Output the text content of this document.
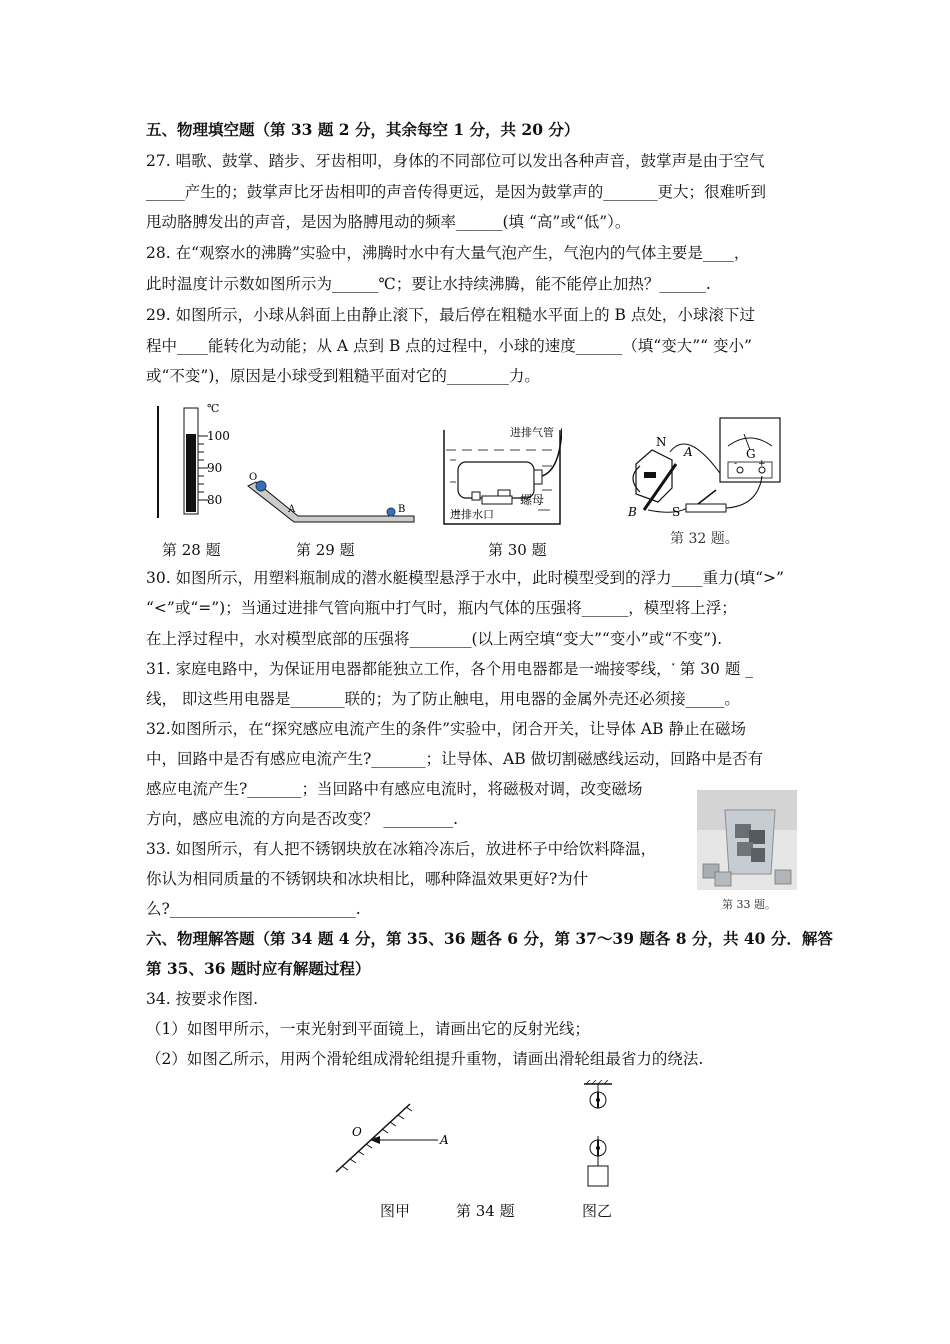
五、物理填空题（第 33 题 2 分，其余每空 1 分，共 20 分）
27. 唱歌、鼓掌、踏步、牙齿相叩，身体的不同部位可以发出各种声音，鼓掌声是由于空气
_____产生的；鼓掌声比牙齿相叩的声音传得更远，是因为鼓掌声的_______更大；很难听到
甩动胳膊发出的声音，是因为胳膊甩动的频率______(填 “高”或“低”）。
28. 在“观察水的沸腾”实验中，沸腾时水中有大量气泡产生，气泡内的气体主要是____，
此时温度计示数如图所示为______℃；要让水持续沸腾，能不能停止加热？______.
29. 如图所示，小球从斜面上由静止滚下，最后停在粗糙水平面上的 B 点处，小球滚下过
程中____能转化为动能；从 A 点到 B 点的过程中，小球的速度______（填“变大”“ 变小”
或“不变”)，原因是小球受到粗糙平面对它的________力。
℃
100
90
80
O
A	B
进排气管
螺母
进排水口
N
A
B	S
G
- +
第 28 题	第 29 题	第 30 题
第 32 题。
30. 如图所示，用塑料瓶制成的潜水艇模型悬浮于水中，此时模型受到的浮力____重力(填“>”
“<”或“=”)；当通过进排气管向瓶中打气时，瓶内气体的压强将______，模型将上浮；
在上浮过程中，水对模型底部的压强将________(以上两空填“变大”“变小”或“不变”).
31. 家庭电路中，为保证用电器都能独立工作，各个用电器都是一端接零线，་ 第 30 题 _
线， 即这些用电器是_______联的；为了防止触电，用电器的金属外壳还必须接_____。
32.如图所示，在“探究感应电流产生的条件”实验中，闭合开关，让导体 AB 静止在磁场
中，回路中是否有感应电流产生?_______；让导体、AB 做切割磁感线运动，回路中是否有
感应电流产生?_______；当回路中有感应电流时，将磁极对调，改变磁场
方向，感应电流的方向是否改变？ _________.
33. 如图所示，有人把不锈钢块放在冰箱冷冻后，放进杯子中给饮料降温，
你认为相同质量的不锈钢块和冰块相比，哪种降温效果更好?为什
么?________________________.	第 33 题。
六、物理解答题（第 34 题 4 分，第 35、36 题各 6 分，第 37～39 题各 8 分，共 40 分．解答
第 35、36 题时应有解题过程）
34. 按要求作图.
（1）如图甲所示，一束光射到平面镜上，请画出它的反射光线；
（2）如图乙所示，用两个滑轮组成滑轮组提升重物，请画出滑轮组最省力的绕法.
O
A
图甲	第 34 题	图乙
